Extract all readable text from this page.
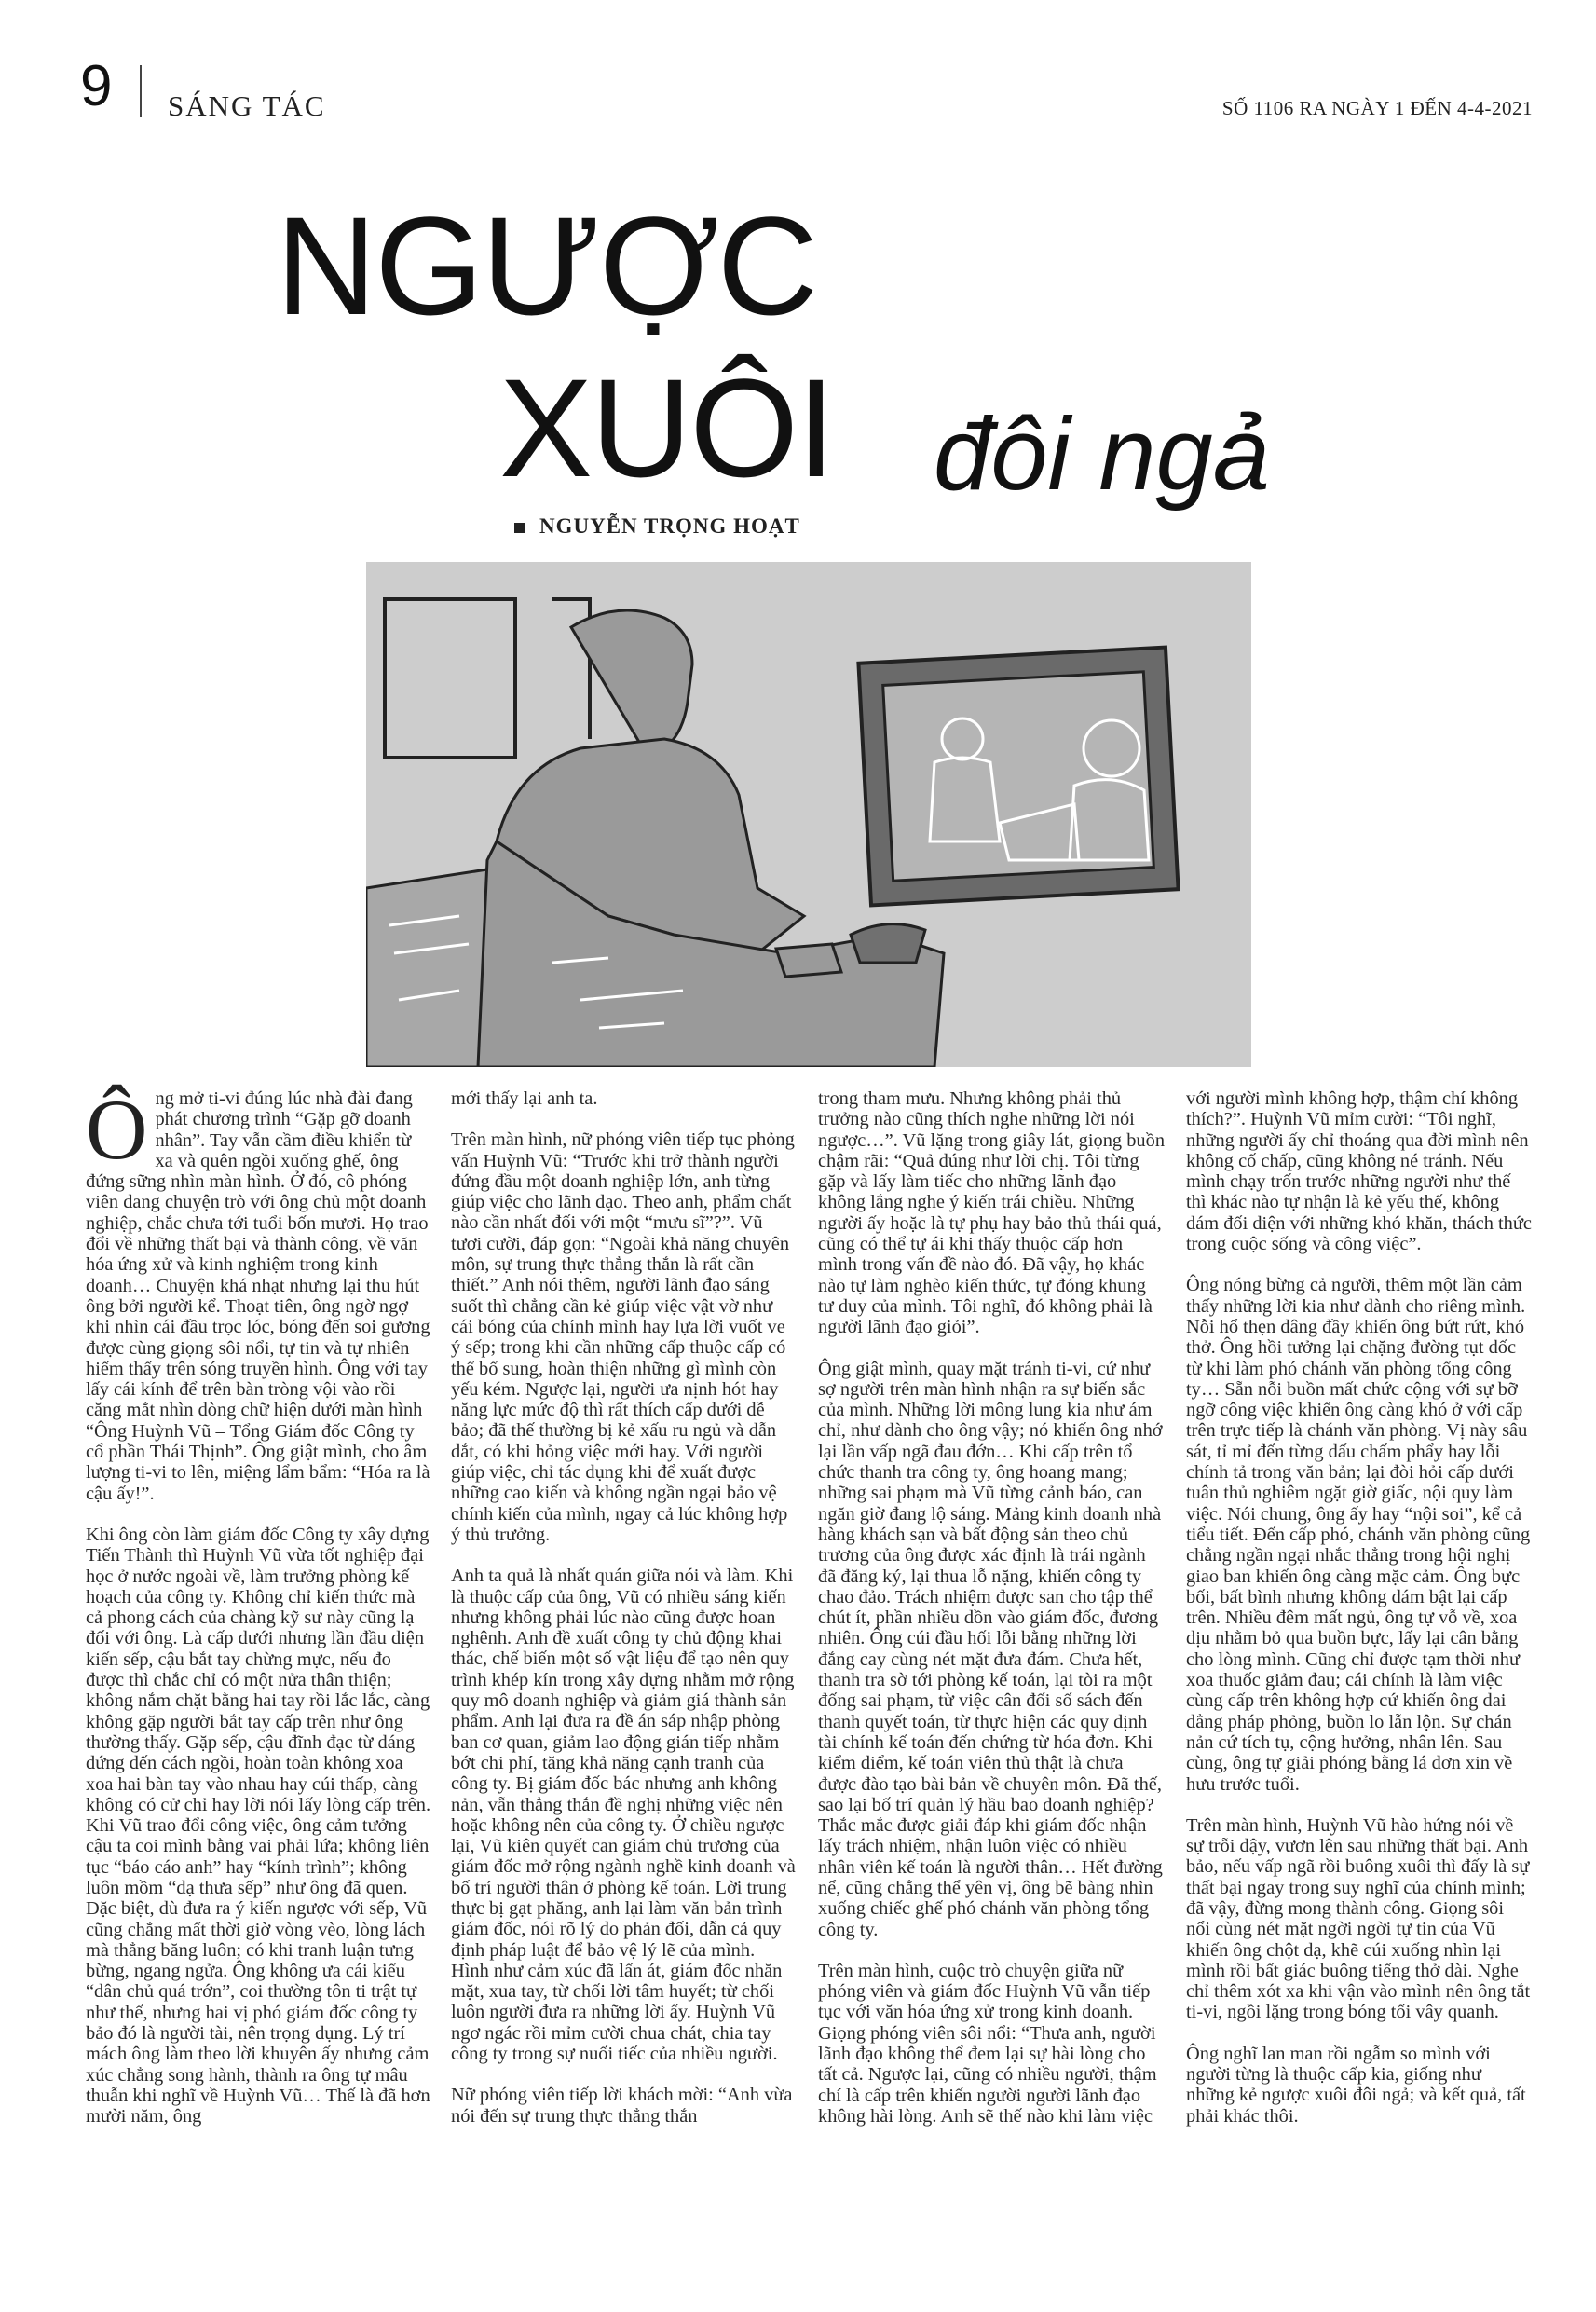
9 SÁNG TÁC	SỐ 1106 RA NGÀY 1 ĐẾN 4-4-2021
NGƯỢC
XUÔI đôi ngả
NGUYỄN TRỌNG HOẠT

Ông mở ti-vi đúng lúc nhà đài đang phát chương trình “Gặp gỡ doanh nhân”. Tay vẫn cầm điều khiển từ xa và quên ngồi xuống ghế, ông đứng sững nhìn màn hình. Ở đó, cô phóng viên đang chuyện trò với ông chủ một doanh nghiệp, chắc chưa tới tuổi bốn mươi. Họ trao đổi về những thất bại và thành công, về văn hóa ứng xử và kinh nghiệm trong kinh doanh… Chuyện khá nhạt nhưng lại thu hút ông bởi người kể. Thoạt tiên, ông ngờ ngợ khi nhìn cái đầu trọc lóc, bóng đến soi gương được cùng giọng sôi nổi, tự tin và tự nhiên hiếm thấy trên sóng truyền hình. Ông với tay lấy cái kính để trên bàn tròng vội vào rồi căng mắt nhìn dòng chữ hiện dưới màn hình “Ông Huỳnh Vũ – Tổng Giám đốc Công ty cổ phần Thái Thịnh”. Ông giật mình, cho âm lượng ti-vi to lên, miệng lẩm bẩm: “Hóa ra là cậu ấy!”.

Khi ông còn làm giám đốc Công ty xây dựng Tiến Thành thì Huỳnh Vũ vừa tốt nghiệp đại học ở nước ngoài về, làm trưởng phòng kế hoạch của công ty. Không chỉ kiến thức mà cả phong cách của chàng kỹ sư này cũng lạ đối với ông. Là cấp dưới nhưng lần đầu diện kiến sếp, cậu bắt tay chừng mực, nếu đo được thì chắc chỉ có một nửa thân thiện; không nắm chặt bằng hai tay rồi lắc lắc, càng không gặp người bắt tay cấp trên như ông thường thấy. Gặp sếp, cậu đĩnh đạc từ dáng đứng đến cách ngồi, hoàn toàn không xoa xoa hai bàn tay vào nhau hay cúi thấp, càng không có cử chỉ hay lời nói lấy lòng cấp trên. Khi Vũ trao đổi công việc, ông cảm tưởng cậu ta coi mình bằng vai phải lứa; không liên tục “báo cáo anh” hay “kính trình”; không luôn mồm “dạ thưa sếp” như ông đã quen. Đặc biệt, dù đưa ra ý kiến ngược với sếp, Vũ cũng chẳng mất thời giờ vòng vèo, lòng lách mà thẳng băng luôn; có khi tranh luận tưng bừng, ngang ngửa. Ông không ưa cái kiểu “dân chủ quá trớn”, coi thường tôn ti trật tự như thế, nhưng hai vị phó giám đốc công ty bảo đó là người tài, nên trọng dụng. Lý trí mách ông làm theo lời khuyên ấy nhưng cảm xúc chẳng song hành, thành ra ông tự mâu thuẫn khi nghĩ về Huỳnh Vũ… Thế là đã hơn mười năm, ông

mới thấy lại anh ta.

Trên màn hình, nữ phóng viên tiếp tục phỏng vấn Huỳnh Vũ: “Trước khi trở thành người đứng đầu một doanh nghiệp lớn, anh từng giúp việc cho lãnh đạo. Theo anh, phẩm chất nào cần nhất đối với một “mưu sĩ”?”. Vũ tươi cười, đáp gọn: “Ngoài khả năng chuyên môn, sự trung thực thẳng thắn là rất cần thiết.” Anh nói thêm, người lãnh đạo sáng suốt thì chẳng cần kẻ giúp việc vật vờ như cái bóng của chính mình hay lựa lời vuốt ve ý sếp; trong khi cần những cấp thuộc cấp có thể bổ sung, hoàn thiện những gì mình còn yếu kém. Ngược lại, người ưa nịnh hót hay năng lực mức độ thì rất thích cấp dưới dễ bảo; đã thế thường bị kẻ xấu ru ngủ và dẫn dắt, có khi hỏng việc mới hay. Với người giúp việc, chỉ tác dụng khi để xuất được những cao kiến và không ngần ngại bảo vệ chính kiến của mình, ngay cả lúc không hợp ý thủ trưởng.

Anh ta quả là nhất quán giữa nói và làm. Khi là thuộc cấp của ông, Vũ có nhiều sáng kiến nhưng không phải lúc nào cũng được hoan nghênh. Anh đề xuất công ty chủ động khai thác, chế biến một số vật liệu để tạo nên quy trình khép kín trong xây dựng nhằm mở rộng quy mô doanh nghiệp và giảm giá thành sản phẩm. Anh lại đưa ra đề án sáp nhập phòng ban cơ quan, giảm lao động gián tiếp nhằm bớt chi phí, tăng khả năng cạnh tranh của công ty. Bị giám đốc bác nhưng anh không nản, vẫn thẳng thắn đề nghị những việc nên hoặc không nên của công ty. Ở chiều ngược lại, Vũ kiên quyết can giám chủ trương của giám đốc mở rộng ngành nghề kinh doanh và bố trí người thân ở phòng kế toán. Lời trung thực bị gạt phăng, anh lại làm văn bản trình giám đốc, nói rõ lý do phản đối, dẫn cả quy định pháp luật để bảo vệ lý lẽ của mình. Hình như cảm xúc đã lấn át, giám đốc nhăn mặt, xua tay, từ chối lời tâm huyết; từ chối luôn người đưa ra những lời ấy. Huỳnh Vũ ngơ ngác rồi mỉm cười chua chát, chia tay công ty trong sự nuối tiếc của nhiều người.

Nữ phóng viên tiếp lời khách mời: “Anh vừa nói đến sự trung thực thẳng thắn

trong tham mưu. Nhưng không phải thủ trưởng nào cũng thích nghe những lời nói ngược…”. Vũ lặng trong giây lát, giọng buồn chậm rãi: “Quả đúng như lời chị. Tôi từng gặp và lấy làm tiếc cho những lãnh đạo không lắng nghe ý kiến trái chiều. Những người ấy hoặc là tự phụ hay bảo thủ thái quá, cũng có thể tự ái khi thấy thuộc cấp hơn mình trong vấn đề nào đó. Đã vậy, họ khác nào tự làm nghèo kiến thức, tự đóng khung tư duy của mình. Tôi nghĩ, đó không phải là người lãnh đạo giỏi”.

Ông giật mình, quay mặt tránh ti-vi, cứ như sợ người trên màn hình nhận ra sự biến sắc của mình. Những lời mông lung kia như ám chỉ, như dành cho ông vậy; nó khiến ông nhớ lại lần vấp ngã đau đớn… Khi cấp trên tổ chức thanh tra công ty, ông hoang mang; những sai phạm mà Vũ từng cảnh báo, can ngăn giờ đang lộ sáng. Mảng kinh doanh nhà hàng khách sạn và bất động sản theo chủ trương của ông được xác định là trái ngành đã đăng ký, lại thua lỗ nặng, khiến công ty chao đảo. Trách nhiệm được san cho tập thể chút ít, phần nhiều dồn vào giám đốc, đương nhiên. Ông cúi đầu hối lỗi bằng những lời đắng cay cùng nét mặt đưa đám. Chưa hết, thanh tra sờ tới phòng kế toán, lại tòi ra một đống sai phạm, từ việc cân đối số sách đến thanh quyết toán, từ thực hiện các quy định tài chính kế toán đến chứng từ hóa đơn. Khi kiểm điểm, kế toán viên thủ thật là chưa được đào tạo bài bản về chuyên môn. Đã thế, sao lại bố trí quản lý hầu bao doanh nghiệp? Thắc mắc được giải đáp khi giám đốc nhận lấy trách nhiệm, nhận luôn việc có nhiều nhân viên kế toán là người thân… Hết đường nể, cũng chẳng thể yên vị, ông bẽ bàng nhìn xuống chiếc ghế phó chánh văn phòng tổng công ty.

Trên màn hình, cuộc trò chuyện giữa nữ phóng viên và giám đốc Huỳnh Vũ vẫn tiếp tục với văn hóa ứng xử trong kinh doanh. Giọng phóng viên sôi nổi: “Thưa anh, người lãnh đạo không thể đem lại sự hài lòng cho tất cả. Ngược lại, cũng có nhiều người, thậm chí là cấp trên khiến người người lãnh đạo không hài lòng. Anh sẽ thế nào khi làm việc

với người mình không hợp, thậm chí không thích?”. Huỳnh Vũ mỉm cười: “Tôi nghĩ, những người ấy chỉ thoáng qua đời mình nên không cố chấp, cũng không né tránh. Nếu mình chạy trốn trước những người như thế thì khác nào tự nhận là kẻ yếu thế, không dám đối diện với những khó khăn, thách thức trong cuộc sống và công việc”.

Ông nóng bừng cả người, thêm một lần cảm thấy những lời kia như dành cho riêng mình. Nỗi hổ thẹn dâng đầy khiến ông bứt rứt, khó thở. Ông hồi tưởng lại chặng đường tụt dốc từ khi làm phó chánh văn phòng tổng công ty… Sẵn nỗi buồn mất chức cộng với sự bỡ ngỡ công việc khiến ông càng khó ở với cấp trên trực tiếp là chánh văn phòng. Vị này sâu sát, tỉ mỉ đến từng dấu chấm phẩy hay lỗi chính tả trong văn bản; lại đòi hỏi cấp dưới tuân thủ nghiêm ngặt giờ giấc, nội quy làm việc. Nói chung, ông ấy hay “nội soi”, kể cả tiểu tiết. Đến cấp phó, chánh văn phòng cũng chẳng ngần ngại nhắc thẳng trong hội nghị giao ban khiến ông càng mặc cảm. Ông bực bối, bất bình nhưng không dám bật lại cấp trên. Nhiều đêm mất ngủ, ông tự vỗ về, xoa dịu nhằm bỏ qua buồn bực, lấy lại cân bằng cho lòng mình. Cũng chỉ được tạm thời như xoa thuốc giảm đau; cái chính là làm việc cùng cấp trên không hợp cứ khiến ông dai dẳng pháp phỏng, buồn lo lẫn lộn. Sự chán nản cứ tích tụ, cộng hưởng, nhân lên. Sau cùng, ông tự giải phóng bằng lá đơn xin về hưu trước tuổi.

Trên màn hình, Huỳnh Vũ hào hứng nói về sự trỗi dậy, vươn lên sau những thất bại. Anh bảo, nếu vấp ngã rồi buông xuôi thì đấy là sự thất bại ngay trong suy nghĩ của chính mình; đã vậy, đừng mong thành công. Giọng sôi nổi cùng nét mặt ngời ngời tự tin của Vũ khiến ông chột dạ, khẽ cúi xuống nhìn lại mình rồi bất giác buông tiếng thở dài. Nghe chỉ thêm xót xa khi vận vào mình nên ông tắt ti-vi, ngồi lặng trong bóng tối vây quanh.

Ông nghĩ lan man rồi ngẫm so mình với người từng là thuộc cấp kia, giống như những kẻ ngược xuôi đôi ngả; và kết quả, tất phải khác thôi.
